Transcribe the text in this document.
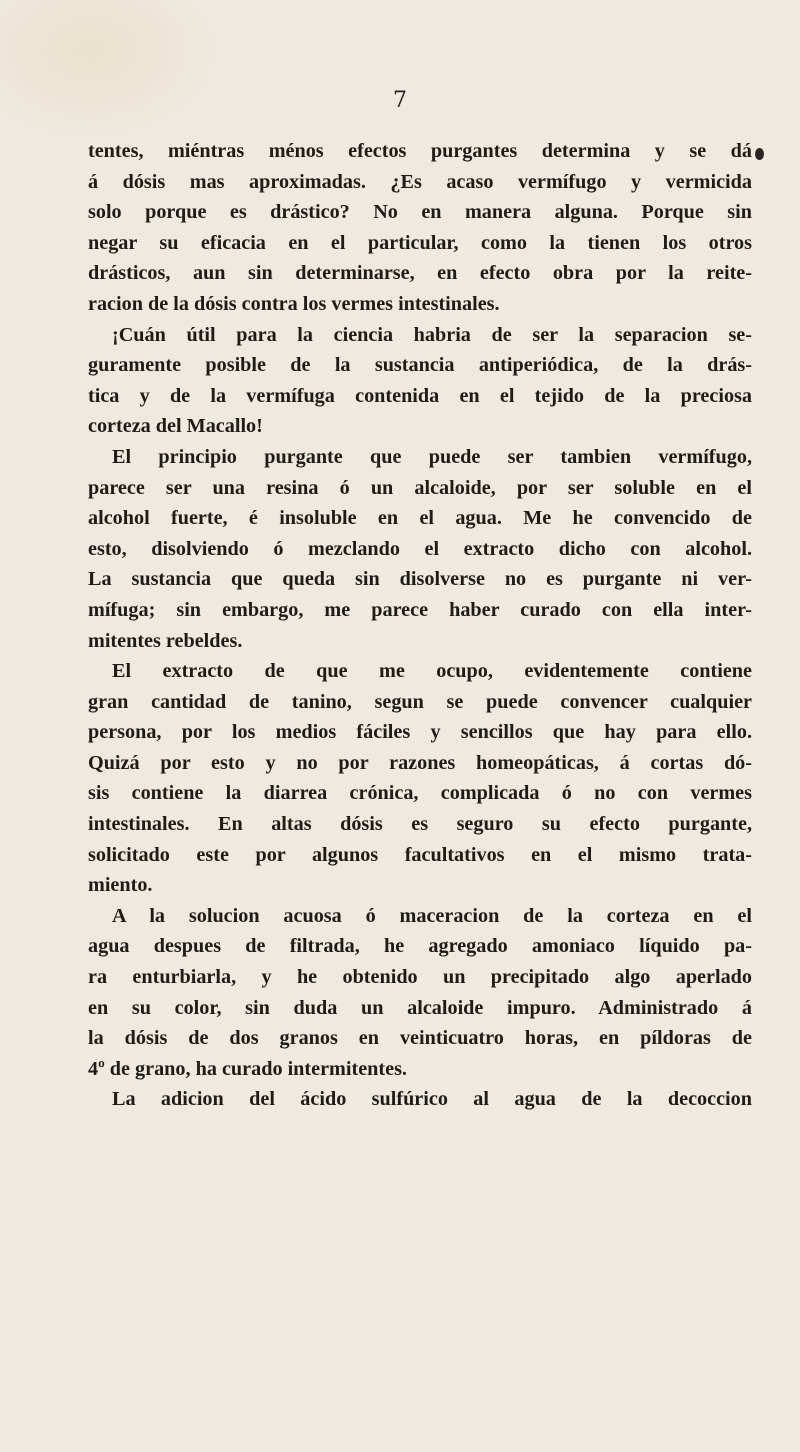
7
tentes, miéntras ménos efectos purgantes determina y se dá
á dósis mas aproximadas. ¿Es acaso vermífugo y vermicida
solo porque es drástico? No en manera alguna. Porque sin
negar su eficacia en el particular, como la tienen los otros
drásticos, aun sin determinarse, en efecto obra por la reite-
racion de la dósis contra los vermes intestinales.
¡Cuán útil para la ciencia habria de ser la separacion se-
guramente posible de la sustancia antiperiódica, de la drás-
tica y de la vermífuga contenida en el tejido de la preciosa
corteza del Macallo!
El principio purgante que puede ser tambien vermífugo,
parece ser una resina ó un alcaloide, por ser soluble en el
alcohol fuerte, é insoluble en el agua. Me he convencido de
esto, disolviendo ó mezclando el extracto dicho con alcohol.
La sustancia que queda sin disolverse no es purgante ni ver-
mífuga; sin embargo, me parece haber curado con ella inter-
mitentes rebeldes.
El extracto de que me ocupo, evidentemente contiene
gran cantidad de tanino, segun se puede convencer cualquier
persona, por los medios fáciles y sencillos que hay para ello.
Quizá por esto y no por razones homeopáticas, á cortas dó-
sis contiene la diarrea crónica, complicada ó no con vermes
intestinales. En altas dósis es seguro su efecto purgante,
solicitado este por algunos facultativos en el mismo trata-
miento.
A la solucion acuosa ó maceracion de la corteza en el
agua despues de filtrada, he agregado amoniaco líquido pa-
ra enturbiarla, y he obtenido un precipitado algo aperlado
en su color, sin duda un alcaloide impuro. Administrado á
la dósis de dos granos en veinticuatro horas, en píldoras de
4º de grano, ha curado intermitentes.
La adicion del ácido sulfúrico al agua de la decoccion
